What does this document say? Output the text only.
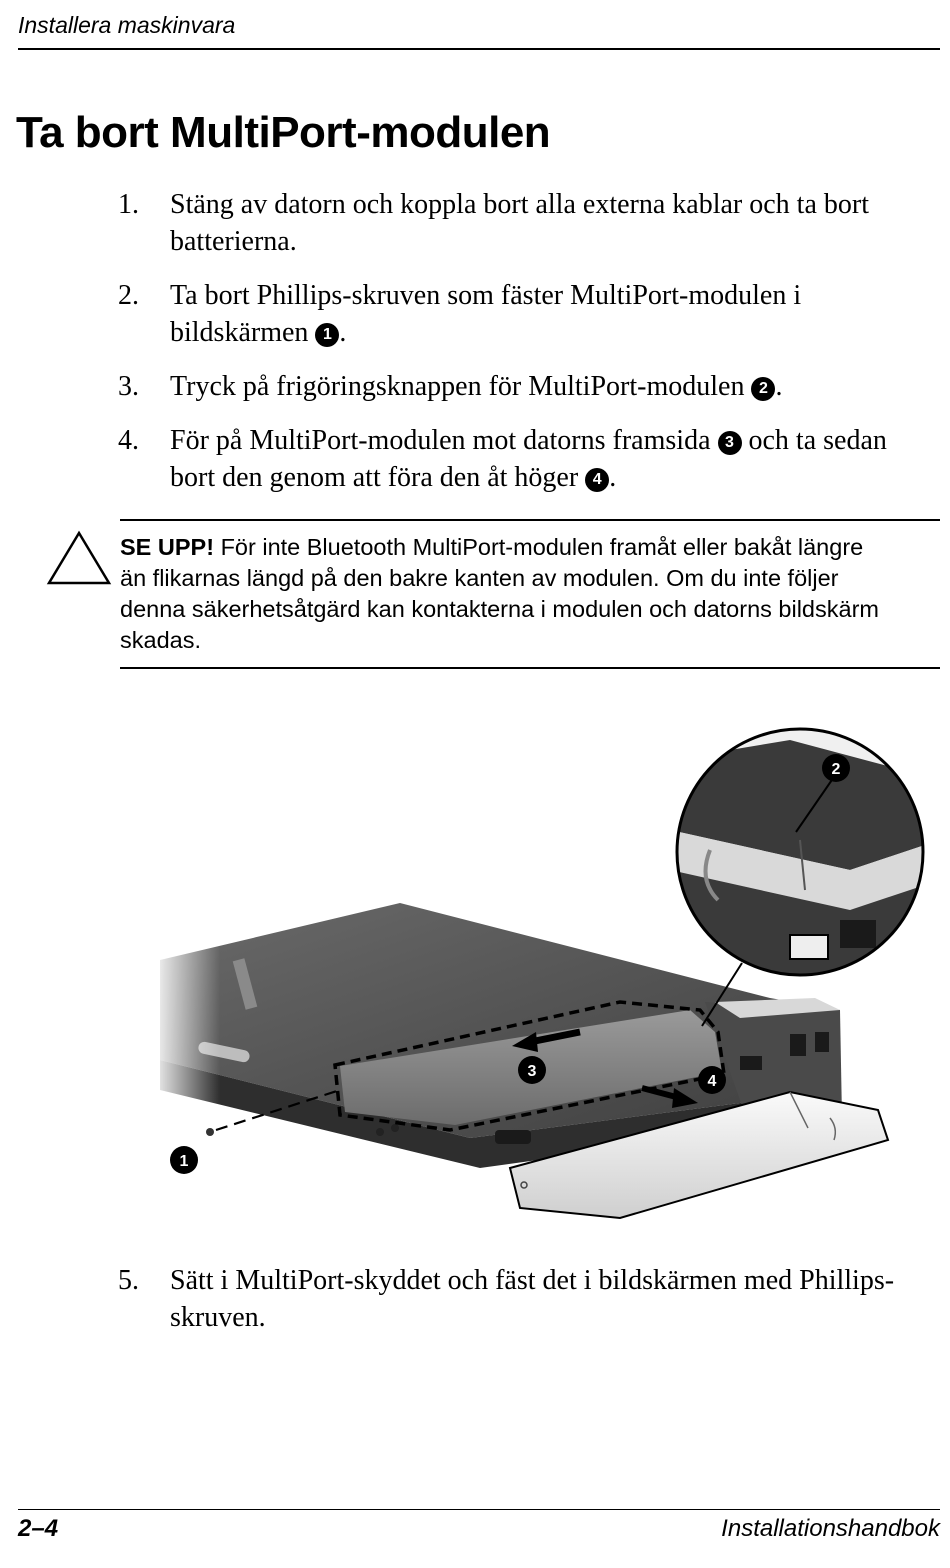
Installera maskinvara
Ta bort MultiPort-modulen
1.	Stäng av datorn och koppla bort alla externa kablar och ta bort batterierna.
2.	Ta bort Phillips-skruven som fäster MultiPort-modulen i bildskärmen 1 .
3.	Tryck på frigöringsknappen för MultiPort-modulen 2 .
4.	För på MultiPort-modulen mot datorns framsida 3 och ta sedan bort den genom att föra den åt höger 4 .
SE UPP! För inte Bluetooth MultiPort-modulen framåt eller bakåt längre än flikarnas längd på den bakre kanten av modulen. Om du inte följer denna säkerhetsåtgärd kan kontakterna i modulen och datorns bildskärm skadas.
2
3
4
1
5.	Sätt i MultiPort-skyddet och fäst det i bildskärmen med Phillips-skruven.
2–4	Installationshandbok
